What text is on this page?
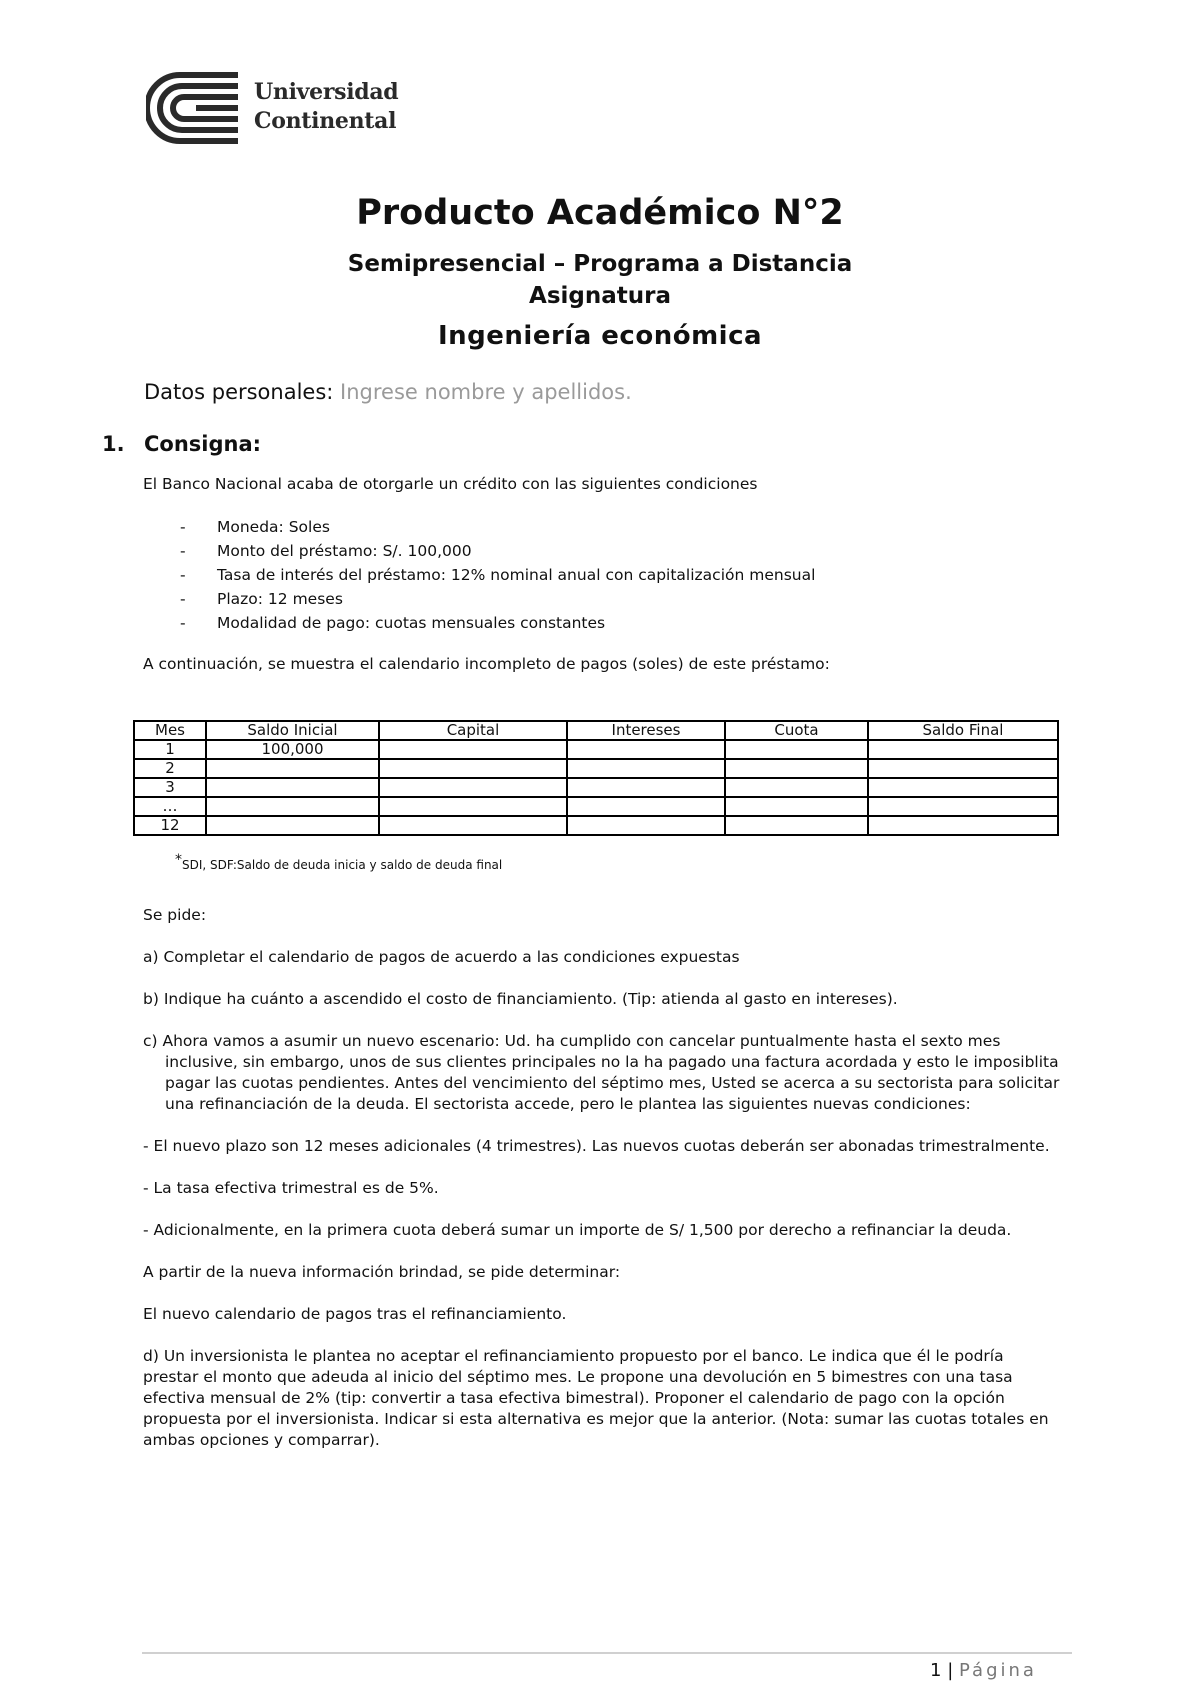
Universidad
Continental
Producto Académico N°2
Semipresencial – Programa a Distancia
Asignatura
Ingeniería económica
Datos personales: Ingrese nombre y apellidos.
1. Consigna:
El Banco Nacional acaba de otorgarle un crédito con las siguientes condiciones
- Moneda: Soles
- Monto del préstamo: S/. 100,000
- Tasa de interés del préstamo: 12% nominal anual con capitalización mensual
- Plazo: 12 meses
- Modalidad de pago: cuotas mensuales constantes
A continuación, se muestra el calendario incompleto de pagos (soles) de este préstamo:
Mes	Saldo Inicial	Capital	Intereses	Cuota	Saldo Final
1	100,000				
2					
3					
…					
12					
*SDI, SDF:Saldo de deuda inicia y saldo de deuda final

Se pide:

a) Completar el calendario de pagos de acuerdo a las condiciones expuestas

b) Indique ha cuánto a ascendido el costo de financiamiento. (Tip: atienda al gasto en intereses).

c) Ahora vamos a asumir un nuevo escenario: Ud. ha cumplido con cancelar puntualmente hasta el sexto mes inclusive, sin embargo, unos de sus clientes principales no la ha pagado una factura acordada y esto le imposiblita pagar las cuotas pendientes. Antes del vencimiento del séptimo mes, Usted se acerca a su sectorista para solicitar una refinanciación de la deuda. El sectorista accede, pero le plantea las siguientes nuevas condiciones:

- El nuevo plazo son 12 meses adicionales (4 trimestres). Las nuevos cuotas deberán ser abonadas trimestralmente.

- La tasa efectiva trimestral es de 5%.

- Adicionalmente, en la primera cuota deberá sumar un importe de S/ 1,500 por derecho a refinanciar la deuda.

A partir de la nueva información brindad, se pide determinar:

El nuevo calendario de pagos tras el refinanciamiento.

d) Un inversionista le plantea no aceptar el refinanciamiento propuesto por el banco. Le indica que él le podría prestar el monto que adeuda al inicio del séptimo mes. Le propone una devolución en 5 bimestres con una tasa efectiva mensual de 2% (tip: convertir a tasa efectiva bimestral). Proponer el calendario de pago con la opción propuesta por el inversionista. Indicar si esta alternativa es mejor que la anterior. (Nota: sumar las cuotas totales en ambas opciones y comparrar).

1 | Página
